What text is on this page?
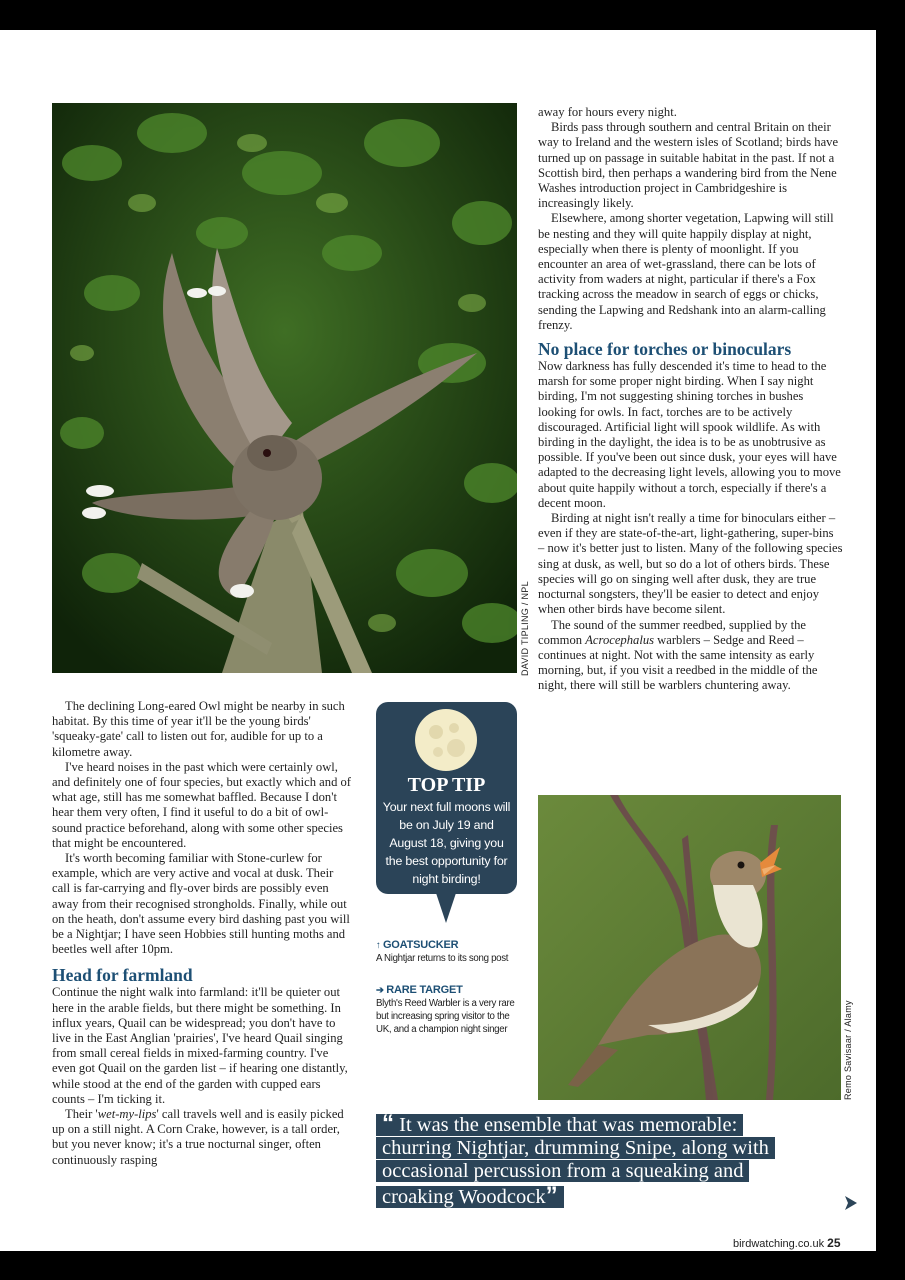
DAVID TIPLING / NPL

away for hours every night.

Birds pass through southern and central Britain on their way to Ireland and the western isles of Scotland; birds have turned up on passage in suitable habitat in the past. If not a Scottish bird, then perhaps a wandering bird from the Nene Washes introduction project in Cambridgeshire is increasingly likely.

Elsewhere, among shorter vegetation, Lapwing will still be nesting and they will quite happily display at night, especially when there is plenty of moonlight. If you encounter an area of wet-grassland, there can be lots of activity from waders at night, particular if there's a Fox tracking across the meadow in search of eggs or chicks, sending the Lapwing and Redshank into an alarm-calling frenzy.

No place for torches or binoculars

Now darkness has fully descended it's time to head to the marsh for some proper night birding. When I say night birding, I'm not suggesting shining torches in bushes looking for owls. In fact, torches are to be actively discouraged. Artificial light will spook wildlife. As with birding in the daylight, the idea is to be as unobtrusive as possible. If you've been out since dusk, your eyes will have adapted to the decreasing light levels, allowing you to move about quite happily without a torch, especially if there's a decent moon.

Birding at night isn't really a time for binoculars either – even if they are state-of-the-art, light-gathering, super-bins – now it's better just to listen. Many of the following species sing at dusk, as well, but so do a lot of others birds. These species will go on singing well after dusk, they are true nocturnal songsters, they'll be easier to detect and enjoy when other birds have become silent.

The sound of the summer reedbed, supplied by the common Acrocephalus warblers – Sedge and Reed – continues at night. Not with the same intensity as early morning, but, if you visit a reedbed in the middle of the night, there will still be warblers chuntering away.

The declining Long-eared Owl might be nearby in such habitat. By this time of year it'll be the young birds' 'squeaky-gate' call to listen out for, audible for up to a kilometre away.

I've heard noises in the past which were certainly owl, and definitely one of four species, but exactly which and of what age, still has me somewhat baffled. Because I don't hear them very often, I find it useful to do a bit of owl-sound practice beforehand, along with some other species that might be encountered.

It's worth becoming familiar with Stone-curlew for example, which are very active and vocal at dusk. Their call is far-carrying and fly-over birds are possibly even away from their recognised strongholds. Finally, while out on the heath, don't assume every bird dashing past you will be a Nightjar; I have seen Hobbies still hunting moths and beetles well after 10pm.

Head for farmland

Continue the night walk into farmland: it'll be quieter out here in the arable fields, but there might be something. In influx years, Quail can be widespread; you don't have to live in the East Anglian 'prairies', I've heard Quail singing from small cereal fields in mixed-farming country. I've even got Quail on the garden list – if hearing one distantly, while stood at the end of the garden with cupped ears counts – I'm ticking it.

Their 'wet-my-lips' call travels well and is easily picked up on a still night. A Corn Crake, however, is a tall order, but you never know; it's a true nocturnal singer, often continuously rasping

TOP TIP
Your next full moons will be on July 19 and August 18, giving you the best opportunity for night birding!
↑ GOATSUCKER
A Nightjar returns to its song post
➔ RARE TARGET
Blyth's Reed Warbler is a very rare but increasing spring visitor to the UK, and a champion night singer	Remo Savisaar / Alamy
“ It was the ensemble that was memorable: churring Nightjar, drumming Snipe, along with occasional percussion from a squeaking and croaking Woodcock”
birdwatching.co.uk 25
